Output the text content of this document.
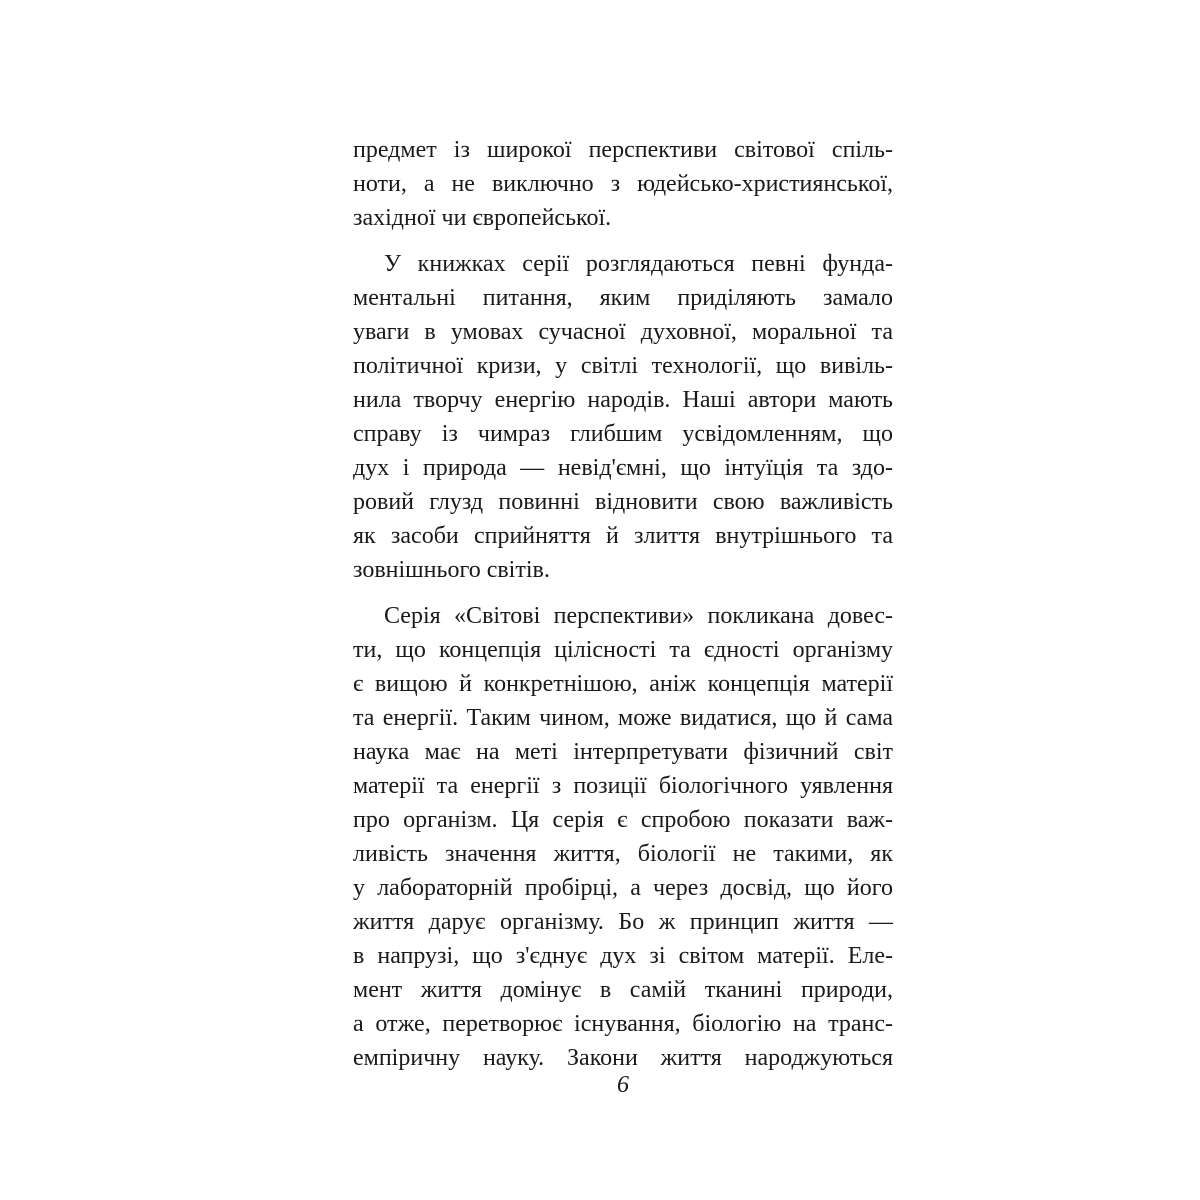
предмет із широкої перспективи світової спіль-
ноти, а не виключно з юдейсько-християнської,
західної чи європейської.
У книжках серії розглядаються певні фунда-
ментальні питання, яким приділяють замало
уваги в умовах сучасної духовної, моральної та
політичної кризи, у світлі технології, що вивіль-
нила творчу енергію народів. Наші автори мають
справу із чимраз глибшим усвідомленням, що
дух і природа — невід'ємні, що інтуїція та здо-
ровий глузд повинні відновити свою важливість
як засоби сприйняття й злиття внутрішнього та
зовнішнього світів.
Серія «Світові перспективи» покликана довес-
ти, що концепція цілісності та єдності організму
є вищою й конкретнішою, аніж концепція матерії
та енергії. Таким чином, може видатися, що й сама
наука має на меті інтерпретувати фізичний світ
матерії та енергії з позиції біологічного уявлення
про організм. Ця серія є спробою показати важ-
ливість значення життя, біології не такими, як
у лабораторній пробірці, а через досвід, що його
життя дарує організму. Бо ж принцип життя —
в напрузі, що з'єднує дух зі світом матерії. Еле-
мент життя домінує в самій тканині природи,
а отже, перетворює існування, біологію на транс-
емпіричну науку. Закони життя народжуються
6
